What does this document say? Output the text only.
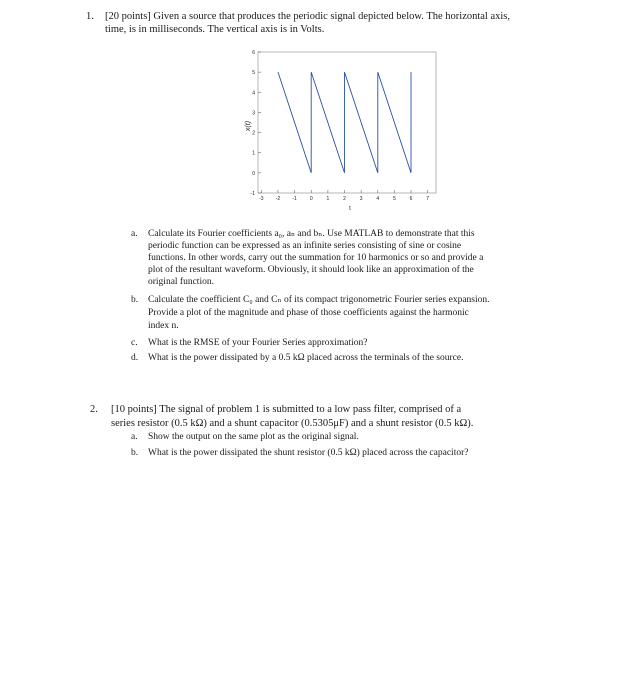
-1
0
1
2
3
4
5
6
-3 -2 -1	0	1	2	3	4	5	6	7
x(t)
t
1. [20 points] Given a source that produces the periodic signal depicted below. The horizontal axis,
time, is in milliseconds. The vertical axis is in Volts.
a. Calculate its Fourier coefficients a₀, aₙ and bₙ. Use MATLAB to demonstrate that this
periodic function can be expressed as an infinite series consisting of sine or cosine
functions. In other words, carry out the summation for 10 harmonics or so and provide a
plot of the resultant waveform. Obviously, it should look like an approximation of the
original function.
b. Calculate the coefficient C₀ and Cₙ of its compact trigonometric Fourier series expansion.
Provide a plot of the magnitude and phase of those coefficients against the harmonic
index n.
c. What is the RMSE of your Fourier Series approximation?
d. What is the power dissipated by a 0.5 kΩ placed across the terminals of the source.
2. [10 points] The signal of problem 1 is submitted to a low pass filter, comprised of a
series resistor (0.5 kΩ) and a shunt capacitor (0.5305μF) and a shunt resistor (0.5 kΩ).
a. Show the output on the same plot as the original signal.
b. What is the power dissipated the shunt resistor (0.5 kΩ) placed across the capacitor?
